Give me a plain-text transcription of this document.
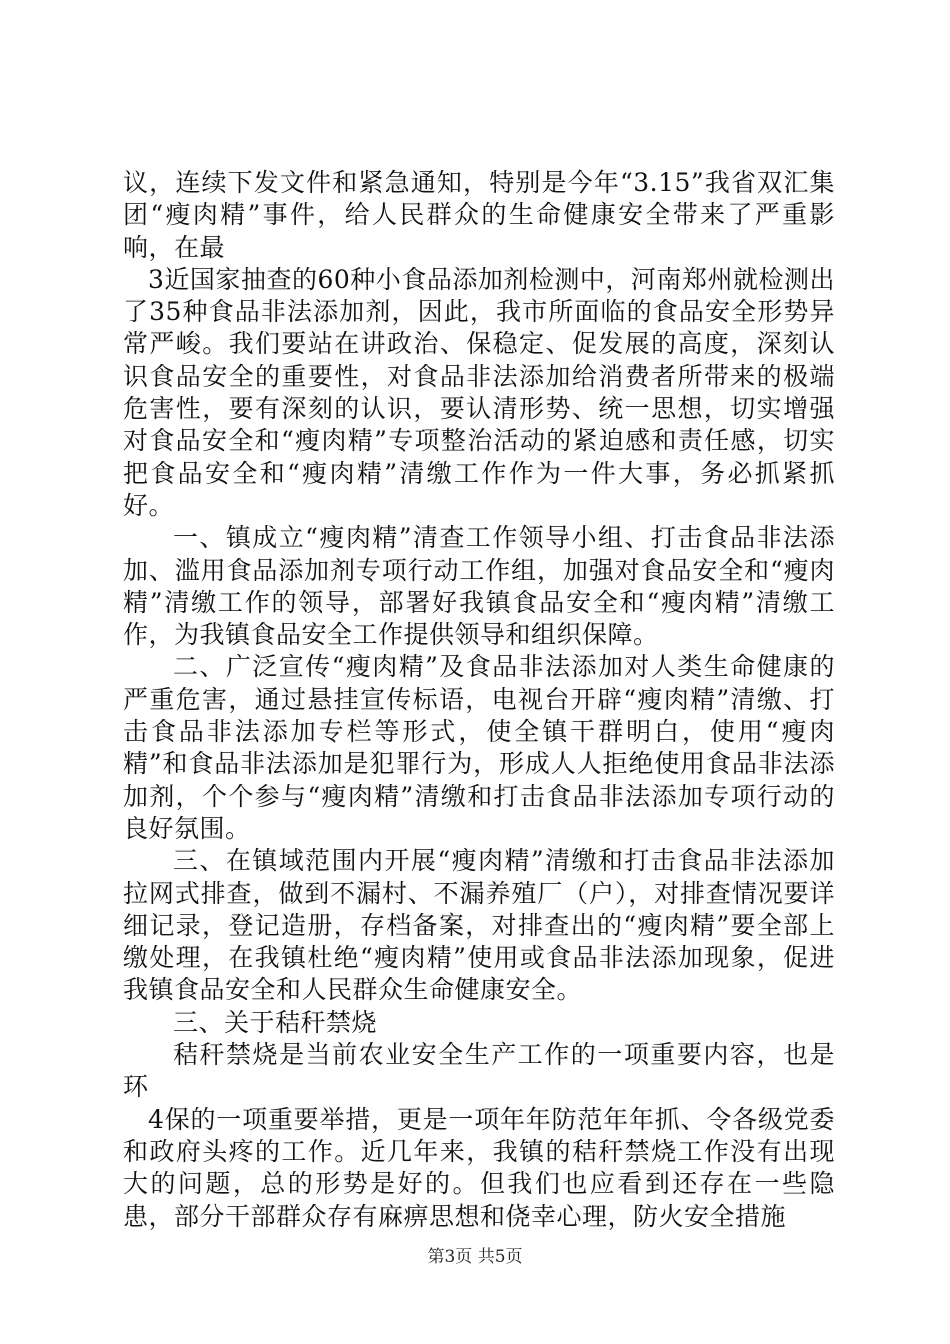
议，连续下发文件和紧急通知，特别是今年“3.15”我省双汇集团“瘦肉精”事件，给人民群众的生命健康安全带来了严重影响，在最

3近国家抽查的60种小食品添加剂检测中，河南郑州就检测出了35种食品非法添加剂，因此，我市所面临的食品安全形势异常严峻。我们要站在讲政治、保稳定、促发展的高度，深刻认识食品安全的重要性，对食品非法添加给消费者所带来的极端危害性，要有深刻的认识，要认清形势、统一思想，切实增强对食品安全和“瘦肉精”专项整治活动的紧迫感和责任感，切实把食品安全和“瘦肉精”清缴工作作为一件大事，务必抓紧抓好。

一、镇成立“瘦肉精”清查工作领导小组、打击食品非法添加、滥用食品添加剂专项行动工作组，加强对食品安全和“瘦肉精”清缴工作的领导，部署好我镇食品安全和“瘦肉精”清缴工作，为我镇食品安全工作提供领导和组织保障。

二、广泛宣传“瘦肉精”及食品非法添加对人类生命健康的严重危害，通过悬挂宣传标语，电视台开辟“瘦肉精”清缴、打击食品非法添加专栏等形式，使全镇干群明白，使用“瘦肉精”和食品非法添加是犯罪行为，形成人人拒绝使用食品非法添加剂，个个参与“瘦肉精”清缴和打击食品非法添加专项行动的良好氛围。

三、在镇域范围内开展“瘦肉精”清缴和打击食品非法添加拉网式排查，做到不漏村、不漏养殖厂（户），对排查情况要详细记录，登记造册，存档备案，对排查出的“瘦肉精”要全部上缴处理，在我镇杜绝“瘦肉精”使用或食品非法添加现象，促进我镇食品安全和人民群众生命健康安全。

三、关于秸秆禁烧

秸秆禁烧是当前农业安全生产工作的一项重要内容，也是环

4保的一项重要举措，更是一项年年防范年年抓、令各级党委和政府头疼的工作。近几年来，我镇的秸秆禁烧工作没有出现大的问题，总的形势是好的。但我们也应看到还存在一些隐患，部分干部群众存有麻痹思想和侥幸心理，防火安全措施

第3页 共5页
